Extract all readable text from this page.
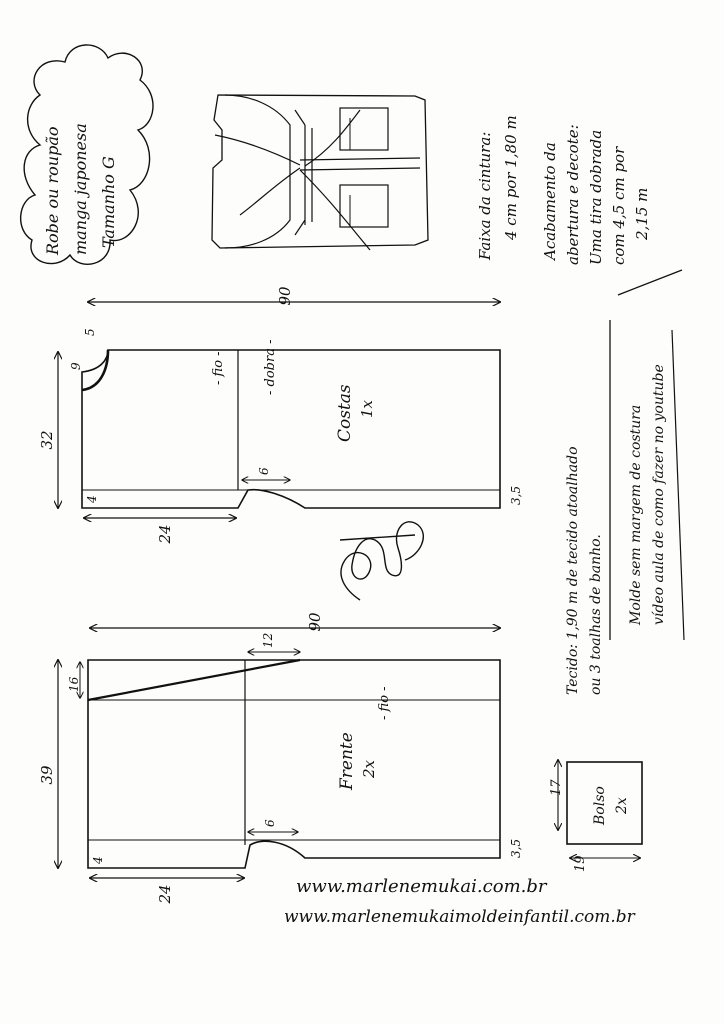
Robe ou roupão manga japonesa Tamanho G	Faixa da cintura: 4 cm por 1,80 m Acabamento da abertura e decote: Uma tira dobrada com 4,5 cm por 2,15 m
Molde sem margem de costura vídeo aula de como fazer no youtube
Tecido: 1,90 m de tecido atoalhado ou 3 toalhas de banho.
90
32
24
5
9
4
6
3,5
- fio -	- dobra -
Costas 1x
90
39
24
12
16
4
6
3,5
- fio -
Frente 2x
17
19
Bolso 2x
www.marlenemukai.com.br
www.marlenemukaimoldeinfantil.com.br
